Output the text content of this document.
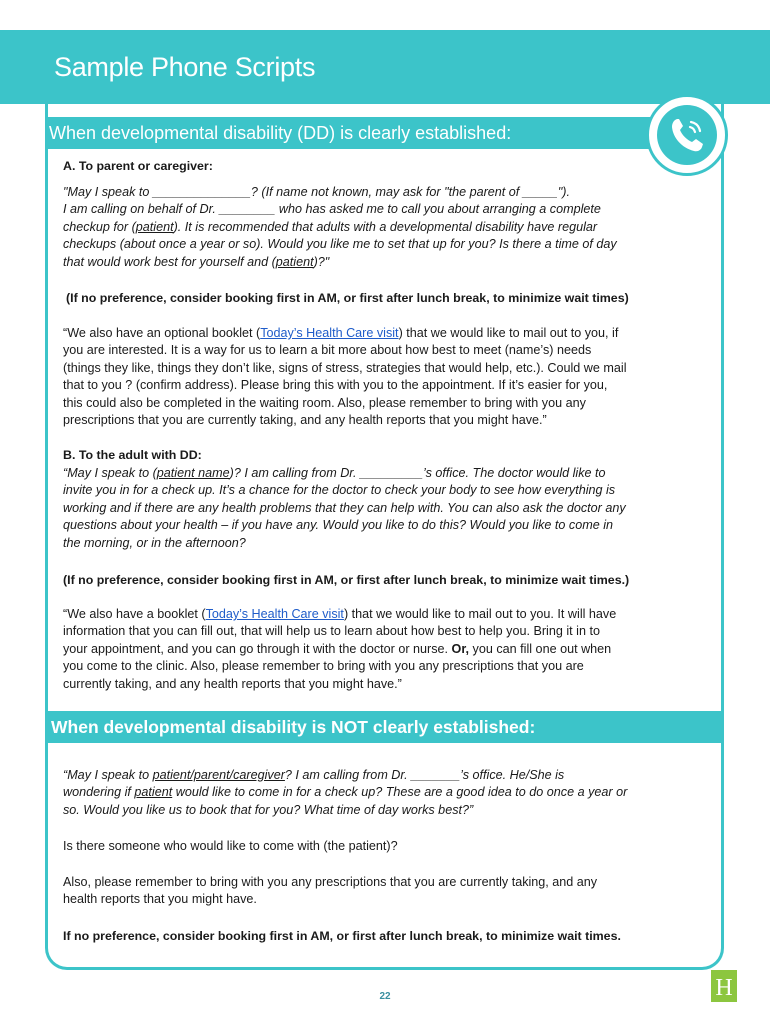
Sample Phone Scripts
When developmental disability (DD) is clearly established:
A. To parent or caregiver:
"May I speak to ______________? (If name not known, may ask for "the parent of _____").
I am calling on behalf of Dr. ________ who has asked me to call you about arranging a complete
checkup for (patient). It is recommended that adults with a developmental disability have regular
checkups (about once a year or so). Would you like me to set that up for you? Is there a time of day
that would work best for yourself and (patient)?"
(If no preference, consider booking first in AM, or first after lunch break, to minimize wait times)
“We also have an optional booklet (Today’s Health Care visit) that we would like to mail out to you, if
you are interested. It is a way for us to learn a bit more about how best to meet (name’s) needs
(things they like, things they don’t like, signs of stress, strategies that would help, etc.). Could we mail
that to you ? (confirm address). Please bring this with you to the appointment. If it’s easier for you,
this could also be completed in the waiting room. Also, please remember to bring with you any
prescriptions that you are currently taking, and any health reports that you might have.”
B. To the adult with DD:
“May I speak to (patient name)? I am calling from Dr. _________’s office. The doctor would like to
invite you in for a check up. It’s a chance for the doctor to check your body to see how everything is
working and if there are any health problems that they can help with. You can also ask the doctor any
questions about your health – if you have any. Would you like to do this? Would you like to come in
the morning, or in the afternoon?
(If no preference, consider booking first in AM, or first after lunch break, to minimize wait times.)
“We also have a booklet (Today’s Health Care visit) that we would like to mail out to you. It will have
information that you can fill out, that will help us to learn about how best to help you. Bring it in to
your appointment, and you can go through it with the doctor or nurse. Or, you can fill one out when
you come to the clinic. Also, please remember to bring with you any prescriptions that you are
currently taking, and any health reports that you might have.”
When developmental disability is NOT clearly established:
“May I speak to patient/parent/caregiver? I am calling from Dr. _______’s office. He/She is
wondering if patient would like to come in for a check up? These are a good idea to do once a year or
so. Would you like us to book that for you? What time of day works best?”
Is there someone who would like to come with (the patient)?
Also, please remember to bring with you any prescriptions that you are currently taking, and any
health reports that you might have.
If no preference, consider booking first in AM, or first after lunch break, to minimize wait times.
22	H
